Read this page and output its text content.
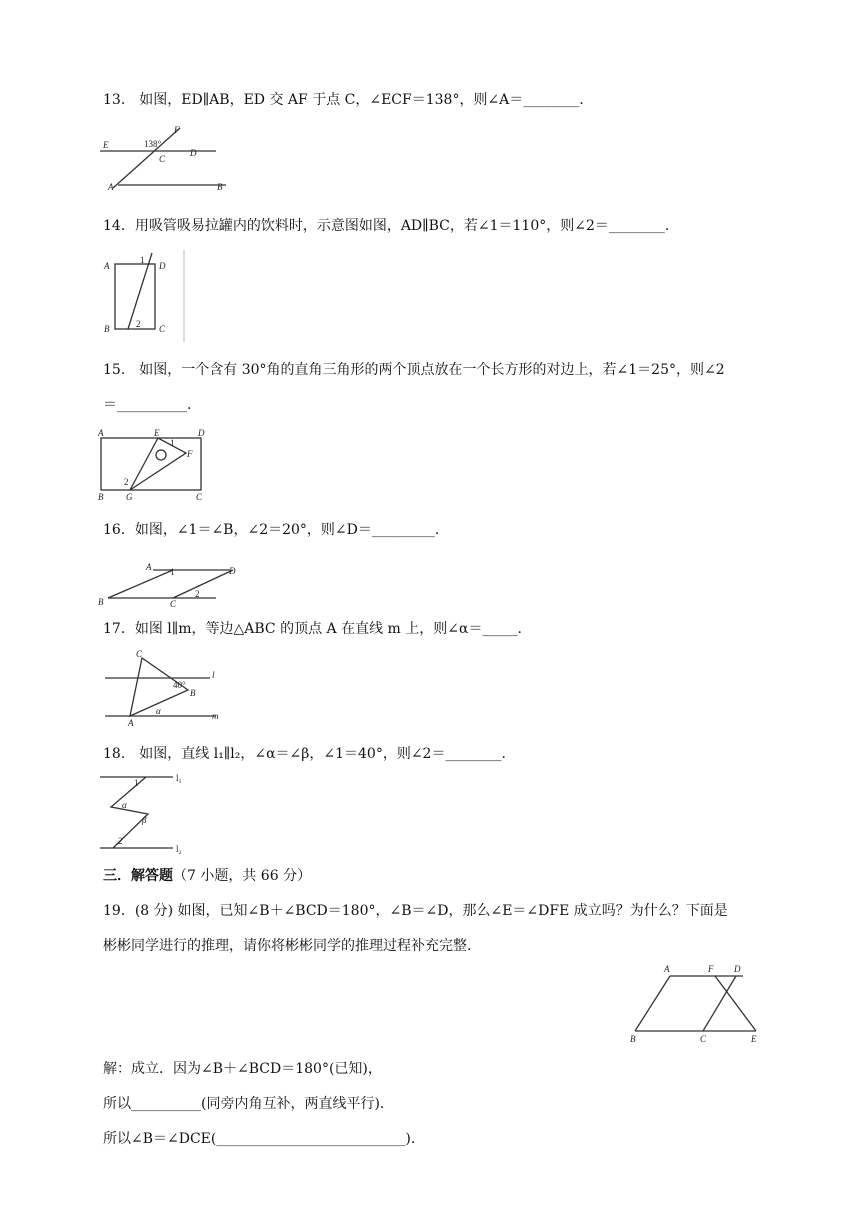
13.　如图，ED∥AB，ED 交 AF 于点 C，∠ECF＝138°，则∠A＝________.
E
F
D
C
A	B
138°
14．用吸管吸易拉罐内的饮料时，示意图如图，AD∥BC，若∠1＝110°，则∠2＝________.
A	D
B	C
1
2
15.　如图，一个含有 30°角的直角三角形的两个顶点放在一个长方形的对边上，若∠1＝25°，则∠2
＝__________.
A	E	D
F
B	G	C
1
2
16．如图，∠1＝∠B，∠2＝20°，则∠D＝_________.
A	D
B	C
1
2
17．如图 l∥m，等边△ABC 的顶点 A 在直线 m 上，则∠α＝_____.
C
B
A
l
m
40°
α
18.　如图，直线 l₁∥l₂，∠α＝∠β，∠1＝40°，则∠2＝________.
l₁
l₂
1
2
α
β
三．解答题（7 小题，共 66 分）
19．(8 分) 如图，已知∠B＋∠BCD＝180°，∠B＝∠D，那么∠E＝∠DFE 成立吗？为什么？下面是
彬彬同学进行的推理，请你将彬彬同学的推理过程补充完整．
A	F D
B	C	E
解：成立．因为∠B＋∠BCD＝180°(已知)，
所以__________(同旁内角互补，两直线平行)．
所以∠B＝∠DCE(___________________________)．
